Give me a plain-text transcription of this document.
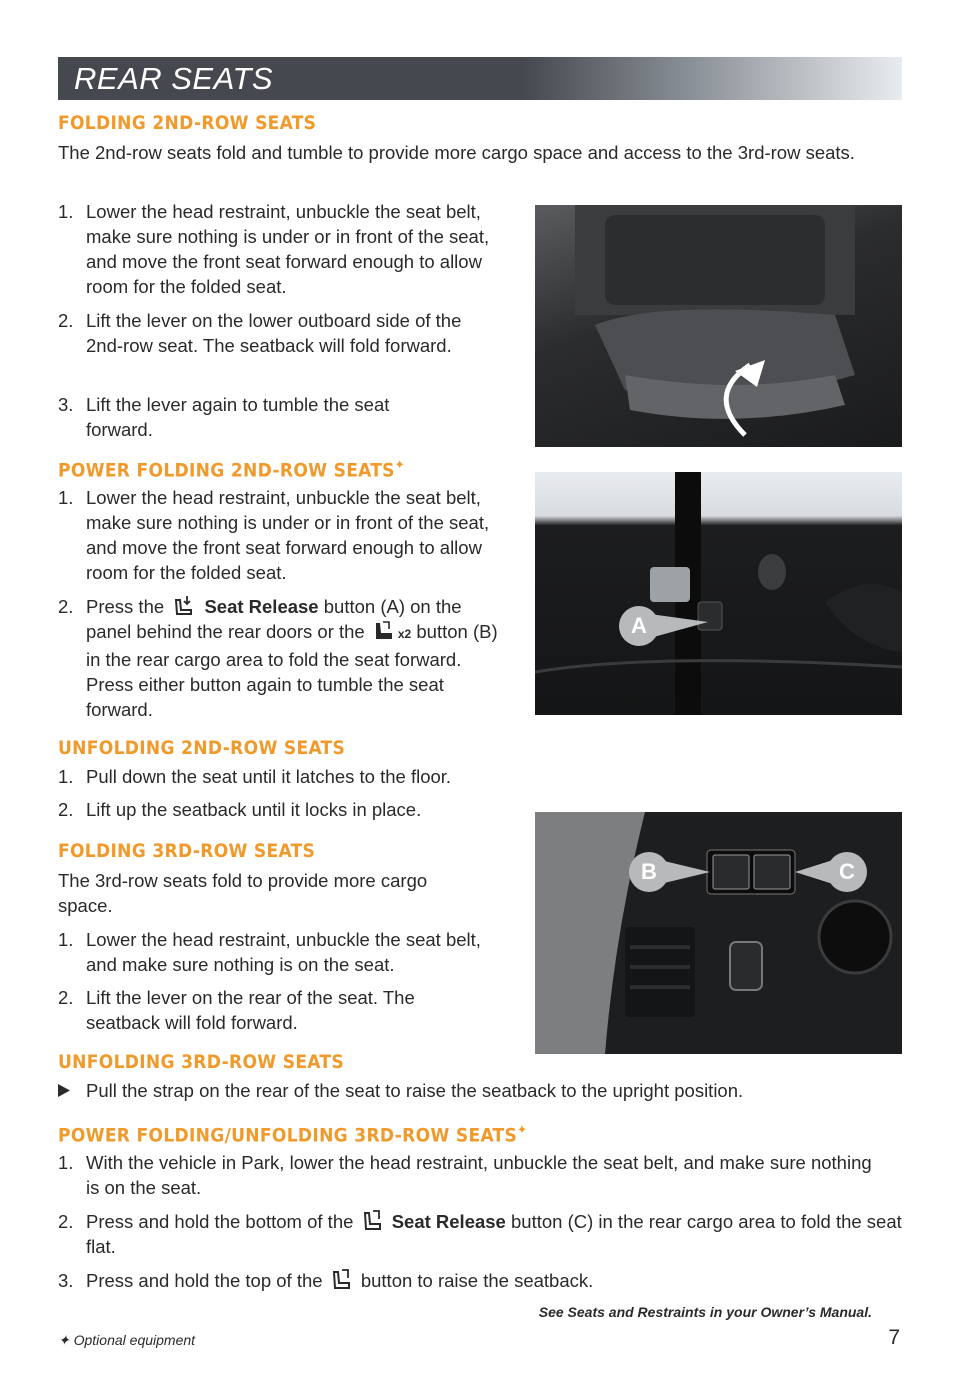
REAR SEATS
FOLDING 2ND-ROW SEATS
The 2nd-row seats fold and tumble to provide more cargo space and access to the 3rd-row seats.
1. Lower the head restraint, unbuckle the seat belt, make sure nothing is under or in front of the seat, and move the front seat forward enough to allow room for the folded seat.
2. Lift the lever on the lower outboard side of the 2nd-row seat. The seatback will fold forward.
3. Lift the lever again to tumble the seat forward.
POWER FOLDING 2ND-ROW SEATS✦
1. Lower the head restraint, unbuckle the seat belt, make sure nothing is under or in front of the seat, and move the front seat forward enough to allow room for the folded seat.
2. Press the Seat Release button (A) on the panel behind the rear doors or the	x2 button (B) in the rear cargo area to fold the seat forward. Press either button again to tumble the seat forward.
A
UNFOLDING 2ND-ROW SEATS
1. Pull down the seat until it latches to the floor.
2. Lift up the seatback until it locks in place.
FOLDING 3RD-ROW SEATS
The 3rd-row seats fold to provide more cargo space.
1. Lower the head restraint, unbuckle the seat belt, and make sure nothing is on the seat.
2. Lift the lever on the rear of the seat. The seatback will fold forward.
B	C
UNFOLDING 3RD-ROW SEATS
Pull the strap on the rear of the seat to raise the seatback to the upright position.
POWER FOLDING/UNFOLDING 3RD-ROW SEATS✦
1. With the vehicle in Park, lower the head restraint, unbuckle the seat belt, and make sure nothing is on the seat.
2. Press and hold the bottom of the Seat Release button (C) in the rear cargo area to fold the seat flat.
3. Press and hold the top of the button to raise the seatback.
See Seats and Restraints in your Owner’s Manual.
✦ Optional equipment	7
